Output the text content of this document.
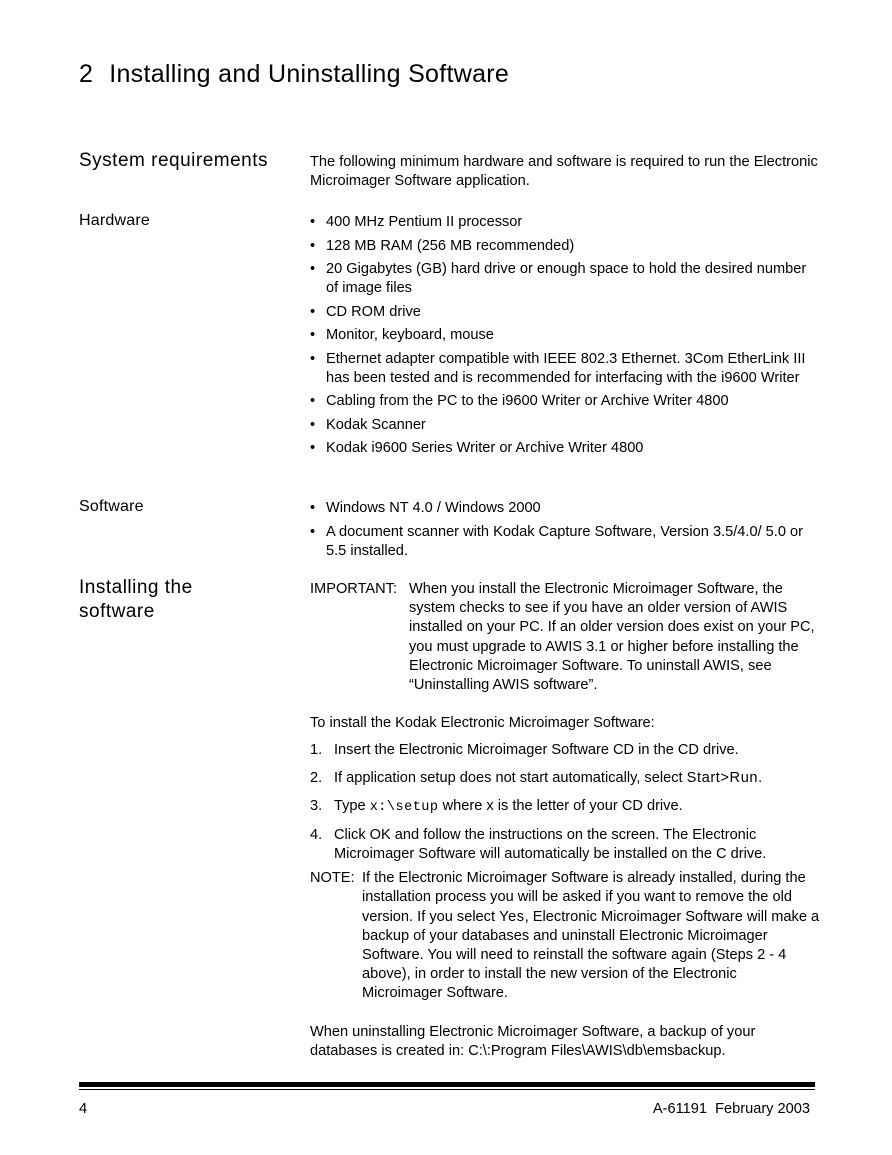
2 Installing and Uninstalling Software
System requirements	The following minimum hardware and software is required to run the Electronic Microimager Software application.

Hardware	• 400 MHz Pentium II processor
• 128 MB RAM (256 MB recommended)
• 20 Gigabytes (GB) hard drive or enough space to hold the desired number of image files
• CD ROM drive
• Monitor, keyboard, mouse
• Ethernet adapter compatible with IEEE 802.3 Ethernet. 3Com EtherLink III has been tested and is recommended for interfacing with the i9600 Writer
• Cabling from the PC to the i9600 Writer or Archive Writer 4800
• Kodak Scanner
• Kodak i9600 Series Writer or Archive Writer 4800
Software	• Windows NT 4.0 / Windows 2000
• A document scanner with Kodak Capture Software, Version 3.5/4.0/ 5.0 or 5.5 installed.
Installing the
software
IMPORTANT: When you install the Electronic Microimager Software, the system checks to see if you have an older version of AWIS installed on your PC. If an older version does exist on your PC, you must upgrade to AWIS 3.1 or higher before installing the Electronic Microimager Software. To uninstall AWIS, see “Uninstalling AWIS software”.

To install the Kodak Electronic Microimager Software:

1. Insert the Electronic Microimager Software CD in the CD drive.
2. If application setup does not start automatically, select Start>Run.
3. Type x:\setup where x is the letter of your CD drive.
4. Click OK and follow the instructions on the screen. The Electronic Microimager Software will automatically be installed on the C drive.
NOTE: If the Electronic Microimager Software is already installed, during the installation process you will be asked if you want to remove the old version. If you select Yes, Electronic Microimager Software will make a backup of your databases and uninstall Electronic Microimager Software. You will need to reinstall the software again (Steps 2 - 4 above), in order to install the new version of the Electronic Microimager Software.

When uninstalling Electronic Microimager Software, a backup of your databases is created in: C:\:Program Files\AWIS\db\emsbackup.

4	A-61191  February 2003
